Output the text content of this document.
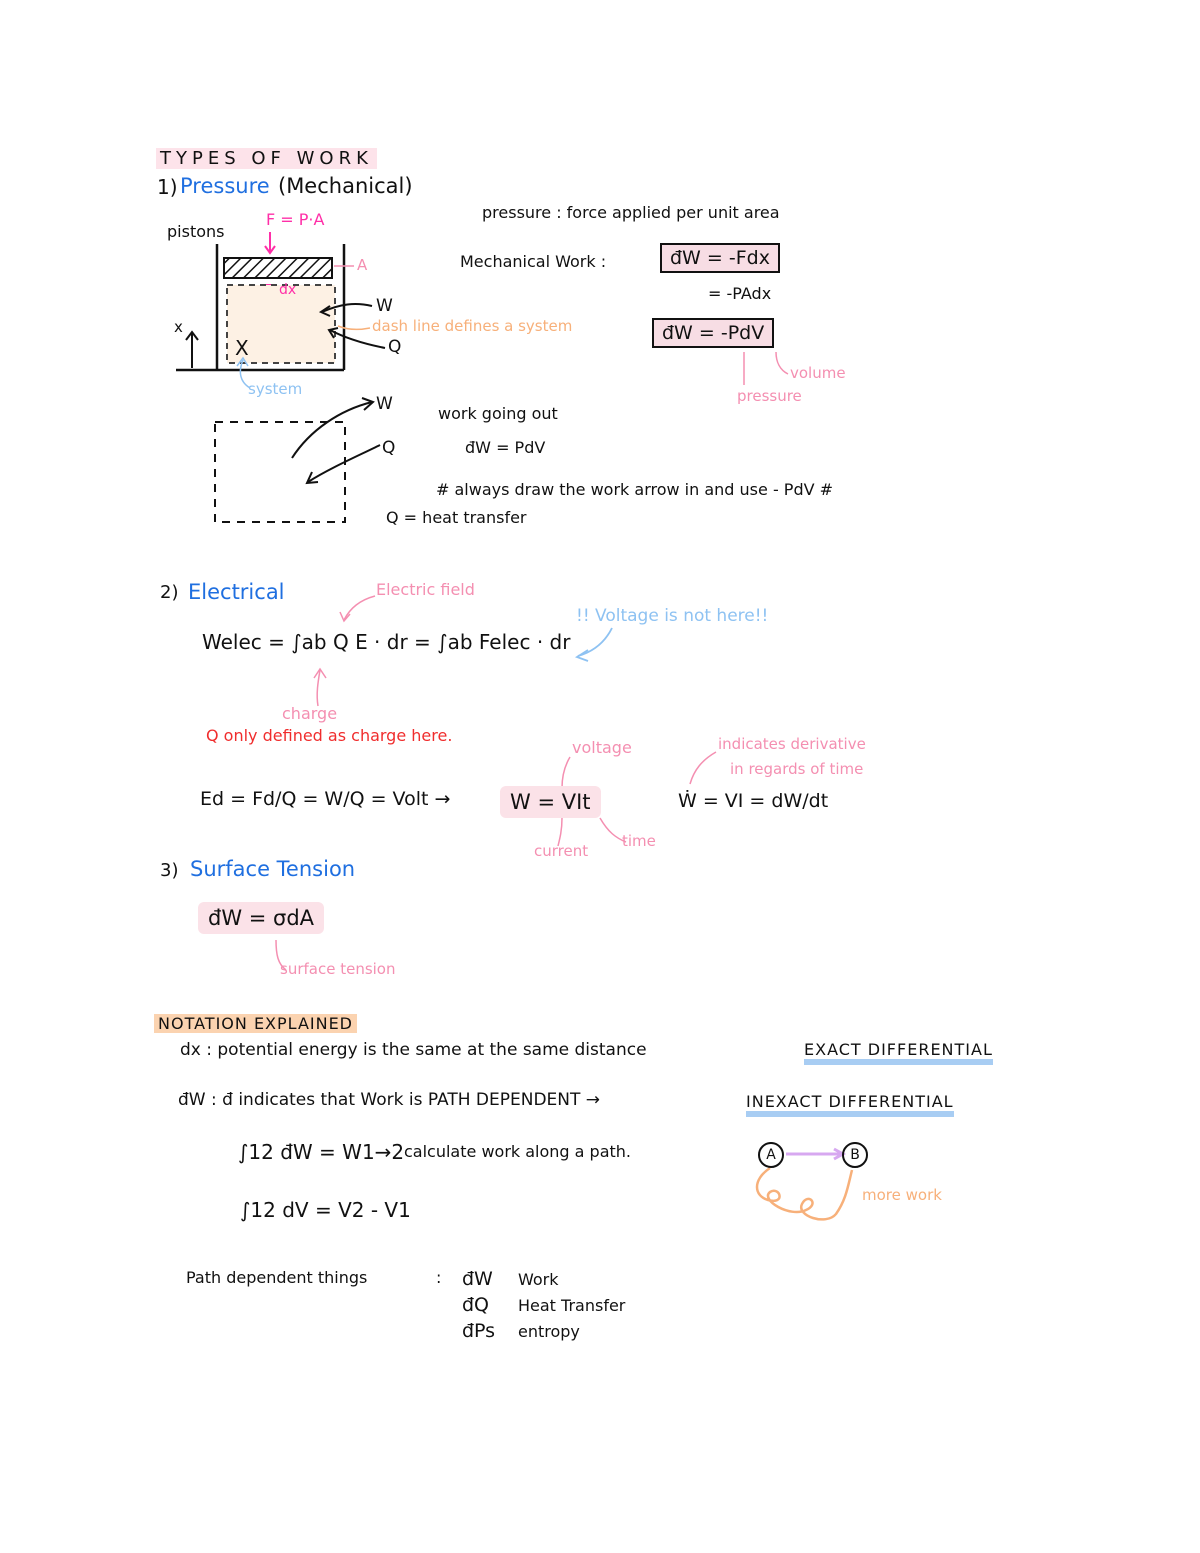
TYPES OF WORK
1) Pressure (Mechanical)
pistons
F = P·A
A
dx
x
X
W
Q
dash line defines a system
system
pressure : force applied per unit area
Mechanical Work :	đW = -Fdx
= -PAdx
đW = -PdV
volume
pressure
W
Q
work going out
đW = PdV
# always draw the work arrow in and use - PdV #
Q = heat transfer
2) Electrical	Electric field
!! Voltage is not here!!
Welec = ∫ab Q E · dr = ∫ab Felec · dr
charge
Q only defined as charge here.
voltage
Ed = Fd/Q = W/Q = Volt →	W = VIt
current
time
indicates derivative
in regards of time
Ẇ = VI = dW/dt
3) Surface Tension
đW = σdA
surface tension
NOTATION EXPLAINED
dx : potential energy is the same at the same distance	EXACT DIFFERENTIAL
đW : đ indicates that Work is PATH DEPENDENT →	INEXACT DIFFERENTIAL
∫12 đW = W1→2 calculate work along a path.
∫12 dV = V2 - V1
A	B
more work
Path dependent things	: đW Work
đQ Heat Transfer
đPs entropy
